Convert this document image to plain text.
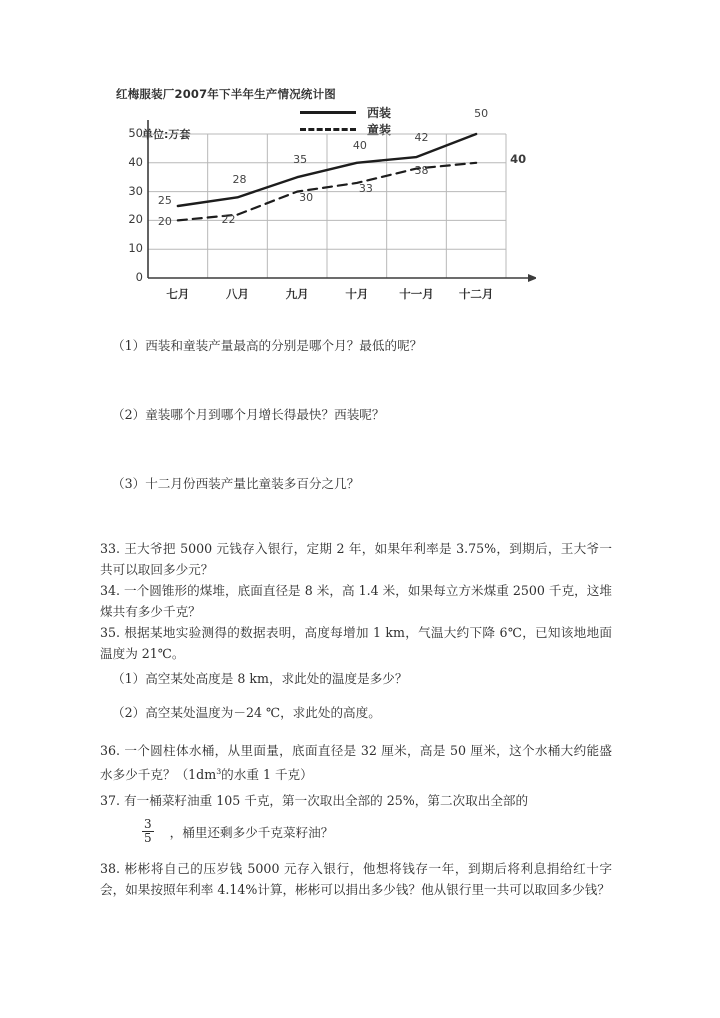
红梅服装厂2007年下半年生产情况统计图
西装
童装
单位:万套
0
10
20
30
40
50
七月	八月	九月	十月	十一月	十二月
25
28
35
40
42
50
20	22
30
33
38
40
（1）西装和童装产量最高的分别是哪个月？最低的呢？
（2）童装哪个月到哪个月增长得最快？西装呢？
（3）十二月份西装产量比童装多百分之几？
33. 王大爷把 5000 元钱存入银行，定期 2 年，如果年利率是 3.75%，到期后，王大爷一共可以取回多少元？
34. 一个圆锥形的煤堆，底面直径是 8 米，高 1.4 米，如果每立方米煤重 2500 千克，这堆煤共有多少千克？
35. 根据某地实验测得的数据表明，高度每增加 1 km，气温大约下降 6℃，已知该地地面温度为 21℃。
（1）高空某处高度是 8 km，求此处的温度是多少？
（2）高空某处温度为－24 ℃，求此处的高度。
36. 一个圆柱体水桶，从里面量，底面直径是 32 厘米，高是 50 厘米，这个水桶大约能盛水多少千克？（$1dm^3$的水重 1 千克）
37. 有一桶菜籽油重 105 千克，第一次取出全部的 25%，第二次取出全部的
$\frac{3}{5}$ ，桶里还剩多少千克菜籽油？
38. 彬彬将自己的压岁钱 5000 元存入银行，他想将钱存一年，到期后将利息捐给红十字会，如果按照年利率 4.14%计算，彬彬可以捐出多少钱？他从银行里一共可以取回多少钱？
